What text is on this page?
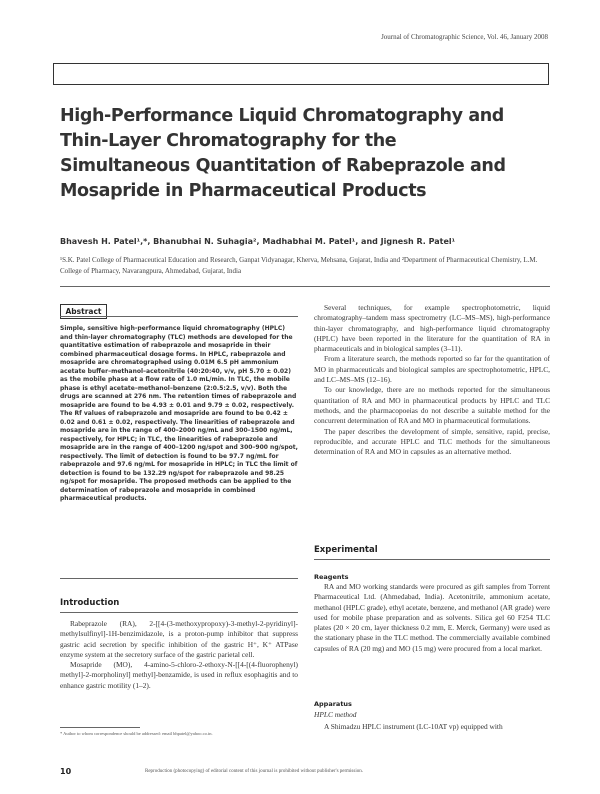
Journal of Chromatographic Science, Vol. 46, January 2008
High-Performance Liquid Chromatography and Thin-Layer Chromatography for the Simultaneous Quantitation of Rabeprazole and Mosapride in Pharmaceutical Products
Bhavesh H. Patel¹,*, Bhanubhai N. Suhagia², Madhabhai M. Patel¹, and Jignesh R. Patel¹
¹S.K. Patel College of Pharmaceutical Education and Research, Ganpat Vidyanagar, Kherva, Mehsana, Gujarat, India and ²Department of Pharmaceutical Chemistry, L.M. College of Pharmacy, Navarangpura, Ahmedabad, Gujarat, India
Abstract
Simple, sensitive high-performance liquid chromatography (HPLC) and thin-layer chromatography (TLC) methods are developed for the quantitative estimation of rabeprazole and mosapride in their combined pharmaceutical dosage forms. In HPLC, rabeprazole and mosapride are chromatographed using 0.01M 6.5 pH ammonium acetate buffer–methanol–acetonitrile (40:20:40, v/v, pH 5.70 ± 0.02) as the mobile phase at a flow rate of 1.0 mL/min. In TLC, the mobile phase is ethyl acetate–methanol–benzene (2:0.5:2.5, v/v). Both the drugs are scanned at 276 nm. The retention times of rabeprazole and mosapride are found to be 4.93 ± 0.01 and 9.79 ± 0.02, respectively. The Rf values of rabeprazole and mosapride are found to be 0.42 ± 0.02 and 0.61 ± 0.02, respectively. The linearities of rabeprazole and mosapride are in the range of 400–2000 ng/mL and 300–1500 ng/mL, respectively, for HPLC; in TLC, the linearities of rabeprazole and mosapride are in the range of 400–1200 ng/spot and 300–900 ng/spot, respectively. The limit of detection is found to be 97.7 ng/mL for rabeprazole and 97.6 ng/mL for mosapride in HPLC; in TLC the limit of detection is found to be 132.29 ng/spot for rabeprazole and 98.25 ng/spot for mosapride. The proposed methods can be applied to the determination of rabeprazole and mosapride in combined pharmaceutical products.
Introduction

Rabeprazole (RA), 2-[[4-(3-methoxypropoxy)-3-methyl-2-pyridinyl]-methylsulfinyl]-1H-benzimidazole, is a proton-pump inhibitor that suppress gastric acid secretion by specific inhibition of the gastric H⁺, K⁺ ATPase enzyme system at the secretory surface of the gastric parietal cell.

Mosapride (MO), 4-amino-5-chloro-2-ethoxy-N-[[4-[(4-fluorophenyl) methyl]-2-morpholinyl] methyl]-benzamide, is used in reflux esophagitis and to enhance gastric motility (1–2).

* Author to whom correspondence should be addressed: email bhpatel@yahoo.co.in.

Several techniques, for example spectrophotometric, liquid chromatography–tandem mass spectrometry (LC–MS–MS), high-performance thin-layer chromatography, and high-performance liquid chromatography (HPLC) have been reported in the literature for the quantitation of RA in pharmaceuticals and in biological samples (3–11).

From a literature search, the methods reported so far for the quantitation of MO in pharmaceuticals and biological samples are spectrophotometric, HPLC, and LC–MS–MS (12–16).

To our knowledge, there are no methods reported for the simultaneous quantitation of RA and MO in pharmaceutical products by HPLC and TLC methods, and the pharmacopoeias do not describe a suitable method for the concurrent determination of RA and MO in pharmaceutical formulations.

The paper describes the development of simple, sensitive, rapid, precise, reproducible, and accurate HPLC and TLC methods for the simultaneous determination of RA and MO in capsules as an alternative method.

Experimental
Reagents

RA and MO working standards were procured as gift samples from Torrent Pharmaceutical Ltd. (Ahmedabad, India). Acetonitrile, ammonium acetate, methanol (HPLC grade), ethyl acetate, benzene, and methanol (AR grade) were used for mobile phase preparation and as solvents. Silica gel 60 F254 TLC plates (20 × 20 cm, layer thickness 0.2 mm, E. Merck, Germany) were used as the stationary phase in the TLC method. The commercially available combined capsules of RA (20 mg) and MO (15 mg) were procured from a local market.

Apparatus
HPLC method

A Shimadzu HPLC instrument (LC-10AT vp) equipped with

10	Reproduction (photocopying) of editorial content of this journal is prohibited without publisher's permission.
